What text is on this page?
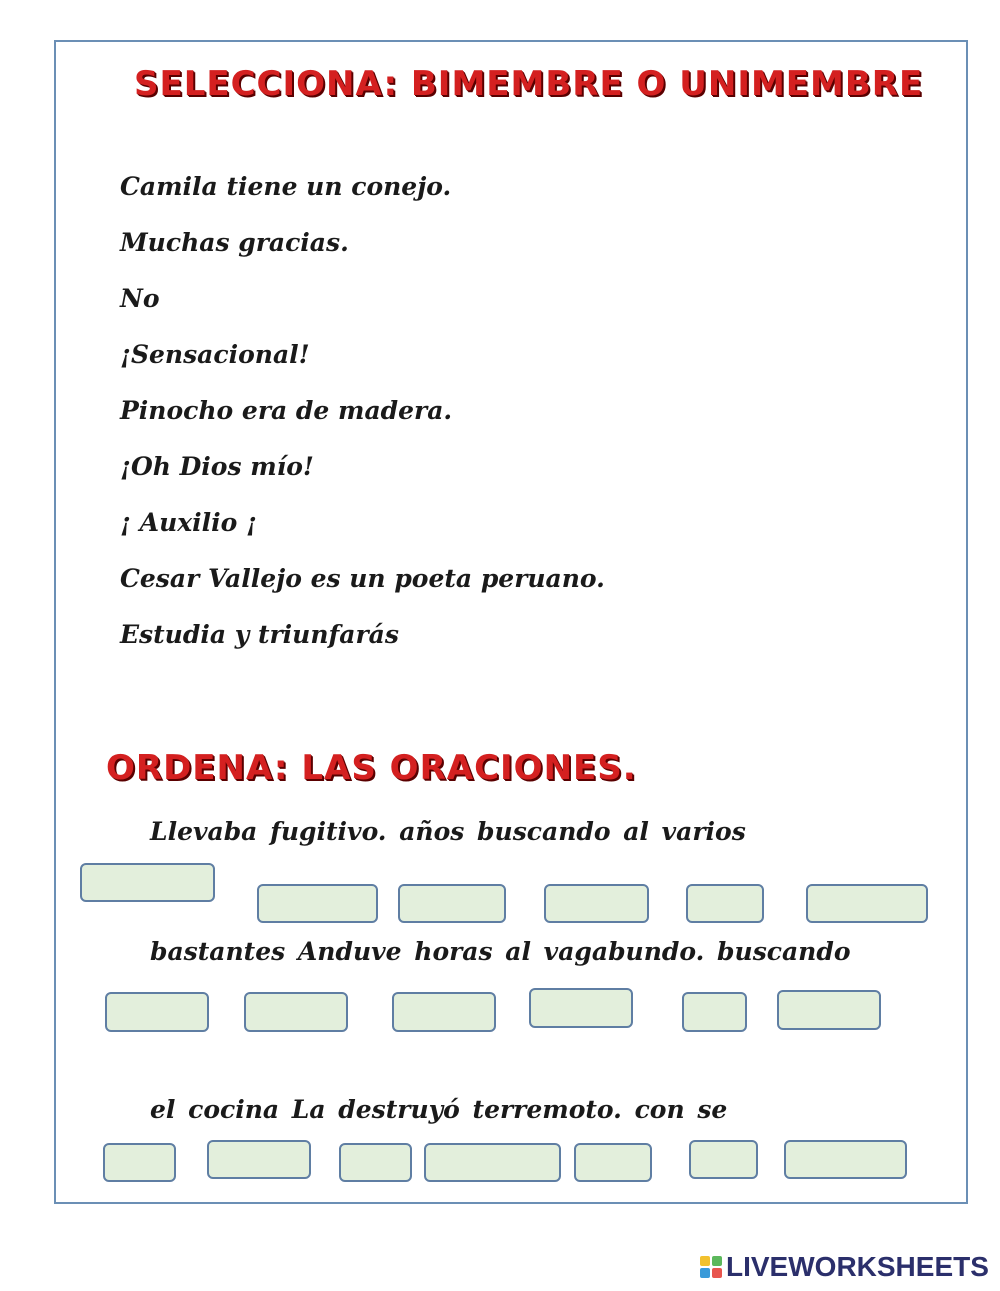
SELECCIONA: BIMEMBRE O UNIMEMBRE
Camila tiene un conejo.
Muchas gracias.
No
¡Sensacional!
Pinocho era de madera.
¡Oh Dios mío!
¡ Auxilio ¡
Cesar Vallejo es un poeta peruano.
Estudia y triunfarás
ORDENA: LAS ORACIONES.
Llevaba fugitivo. años buscando al varios
bastantes Anduve horas al vagabundo. buscando
el cocina La destruyó terremoto. con se
LIVEWORKSHEETS
